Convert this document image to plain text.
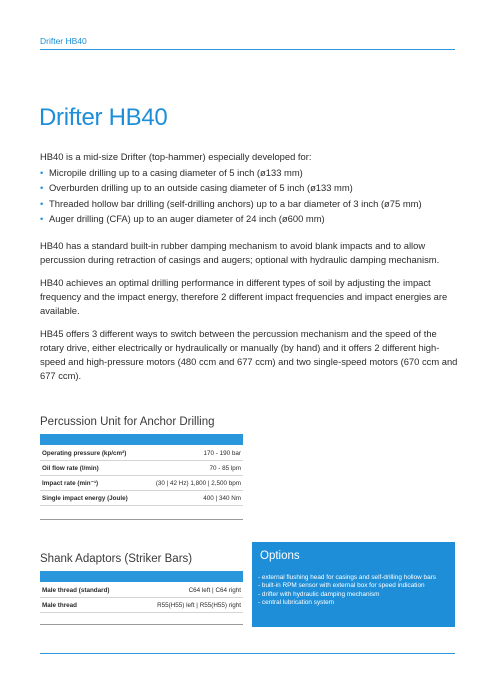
Drifter HB40
Drifter HB40
HB40 is a mid-size Drifter (top-hammer) especially developed for:
• Micropile drilling up to a casing diameter of 5 inch (ø133 mm)
• Overburden drilling up to an outside casing diameter of 5 inch (ø133 mm)
• Threaded hollow bar drilling (self-drilling anchors) up to a bar diameter of 3 inch (ø75 mm)
• Auger drilling (CFA) up to an auger diameter of 24 inch (ø600 mm)

HB40 has a standard built-in rubber damping mechanism to avoid blank impacts and to allow percussion during retraction of casings and augers; optional with hydraulic damping mechanism.

HB40 achieves an optimal drilling performance in different types of soil by adjusting the impact frequency and the impact energy, therefore 2 different impact frequencies and impact energies are available.

HB45 offers 3 different ways to switch between the percussion mechanism and the speed of the rotary drive, either electrically or hydraulically or manually (by hand) and it offers 2 different high-speed and high-pressure motors (480 ccm and 677 ccm) and two single-speed motors (670 ccm and 677 ccm).

Percussion Unit for Anchor Drilling
Operating pressure (kp/cm²)	170 - 190 bar
Oil flow rate (l/min)	70 - 85 lpm
Impact rate (min⁻¹)	(30 | 42 Hz) 1,800 | 2,500 bpm
Single impact energy (Joule)	400 | 340 Nm
Shank Adaptors (Striker Bars)
Male thread (standard)	C64 left | C64 right
Male thread	R55(H55) left | R55(H55) right
Options
- external flushing head for casings and self-drilling hollow bars
- built-in RPM sensor with external box for speed indication
- drifter with hydraulic damping mechanism
- central lubrication system
